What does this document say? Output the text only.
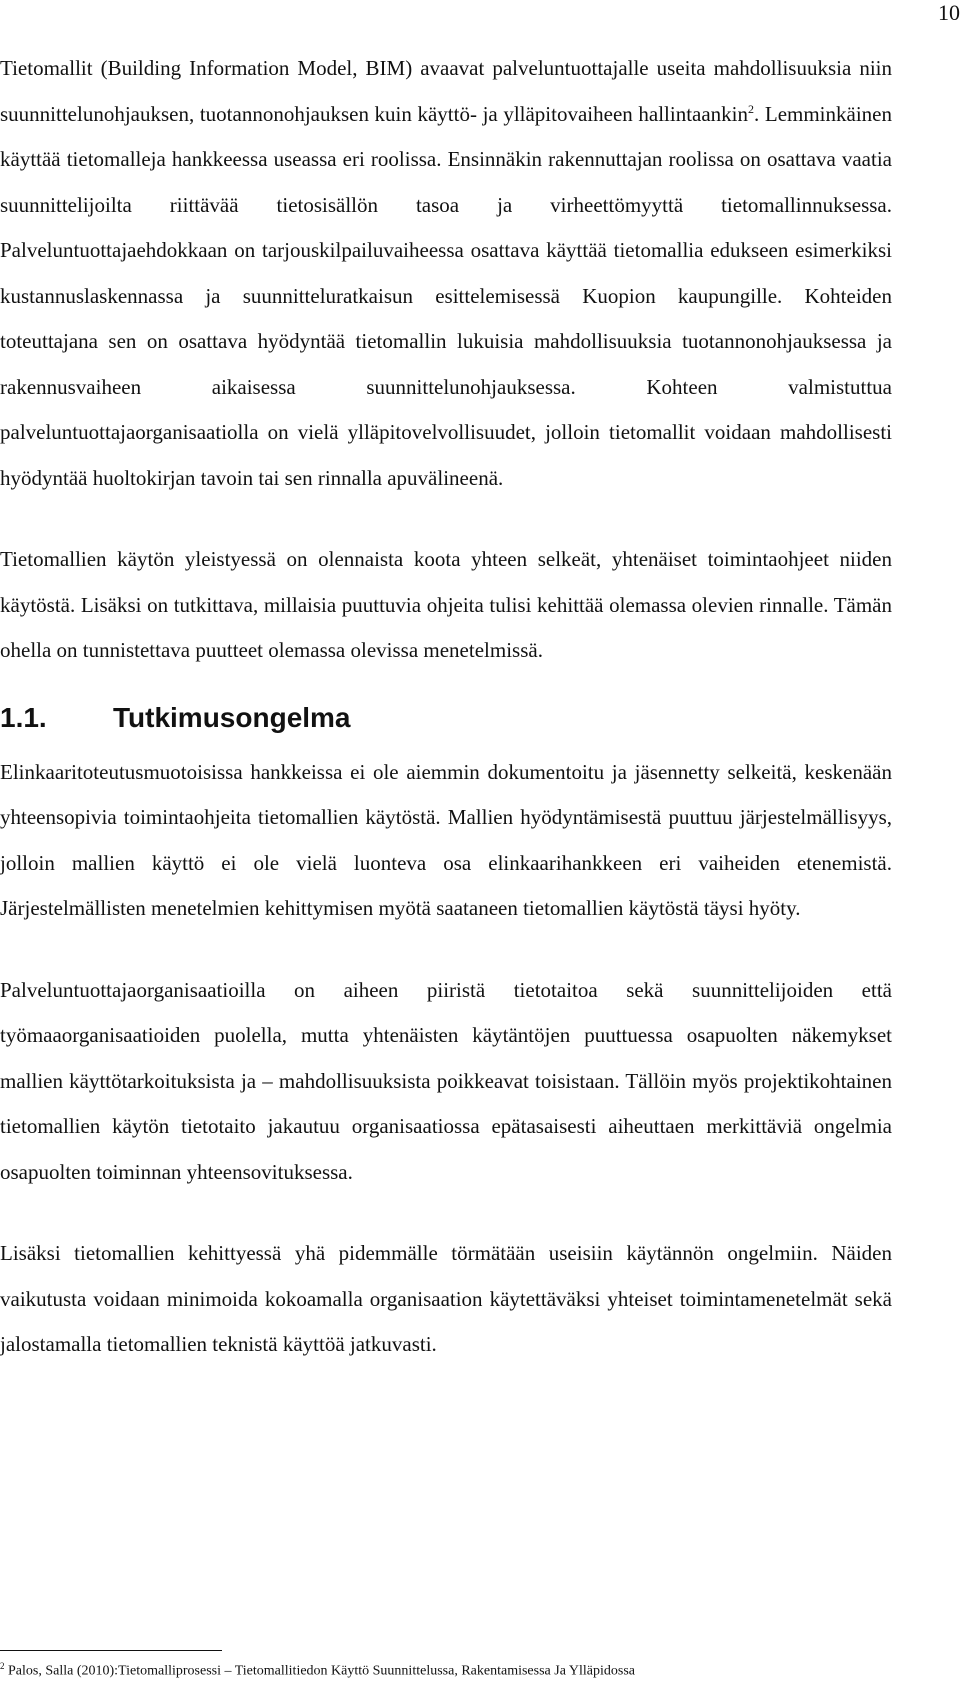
10

Tietomallit (Building Information Model, BIM) avaavat palveluntuottajalle useita mahdollisuuksia niin suunnittelunohjauksen, tuotannonohjauksen kuin käyttö- ja ylläpitovaiheen hallintaankin$^2$. Lemminkäinen käyttää tietomalleja hankkeessa useassa eri roolissa. Ensinnäkin rakennuttajan roolissa on osattava vaatia suunnittelijoilta riittävää tietosisällön tasoa ja virheettömyyttä tietomallinnuksessa. Palveluntuottajaehdokkaan on tarjouskilpailuvaiheessa osattava käyttää tietomallia edukseen esimerkiksi kustannuslaskennassa ja suunnitteluratkaisun esittelemisessä Kuopion kaupungille. Kohteiden toteuttajana sen on osattava hyödyntää tietomallin lukuisia mahdollisuuksia tuotannonohjauksessa ja rakennusvaiheen aikaisessa suunnittelunohjauksessa. Kohteen valmistuttua palveluntuottajaorganisaatiolla on vielä ylläpitovelvollisuudet, jolloin tietomallit voidaan mahdollisesti hyödyntää huoltokirjan tavoin tai sen rinnalla apuvälineenä.

Tietomallien käytön yleistyessä on olennaista koota yhteen selkeät, yhtenäiset toimintaohjeet niiden käytöstä. Lisäksi on tutkittava, millaisia puuttuvia ohjeita tulisi kehittää olemassa olevien rinnalle. Tämän ohella on tunnistettava puutteet olemassa olevissa menetelmissä.

1.1.	Tutkimusongelma

Elinkaaritoteutusmuotoisissa hankkeissa ei ole aiemmin dokumentoitu ja jäsennetty selkeitä, keskenään yhteensopivia toimintaohjeita tietomallien käytöstä. Mallien hyödyntämisestä puuttuu järjestelmällisyys, jolloin mallien käyttö ei ole vielä luonteva osa elinkaarihankkeen eri vaiheiden etenemistä. Järjestelmällisten menetelmien kehittymisen myötä saataneen tietomallien käytöstä täysi hyöty.

Palveluntuottajaorganisaatioilla on aiheen piiristä tietotaitoa sekä suunnittelijoiden että työmaaorganisaatioiden puolella, mutta yhtenäisten käytäntöjen puuttuessa osapuolten näkemykset mallien käyttötarkoituksista ja – mahdollisuuksista poikkeavat toisistaan. Tällöin myös projektikohtainen tietomallien käytön tietotaito jakautuu organisaatiossa epätasaisesti aiheuttaen merkittäviä ongelmia osapuolten toiminnan yhteensovituksessa.

Lisäksi tietomallien kehittyessä yhä pidemmälle törmätään useisiin käytännön ongelmiin. Näiden vaikutusta voidaan minimoida kokoamalla organisaation käytettäväksi yhteiset toimintamenetelmät sekä jalostamalla tietomallien teknistä käyttöä jatkuvasti.

$^2$ Palos, Salla (2010):Tietomalliprosessi – Tietomallitiedon Käyttö Suunnittelussa, Rakentamisessa Ja Ylläpidossa
